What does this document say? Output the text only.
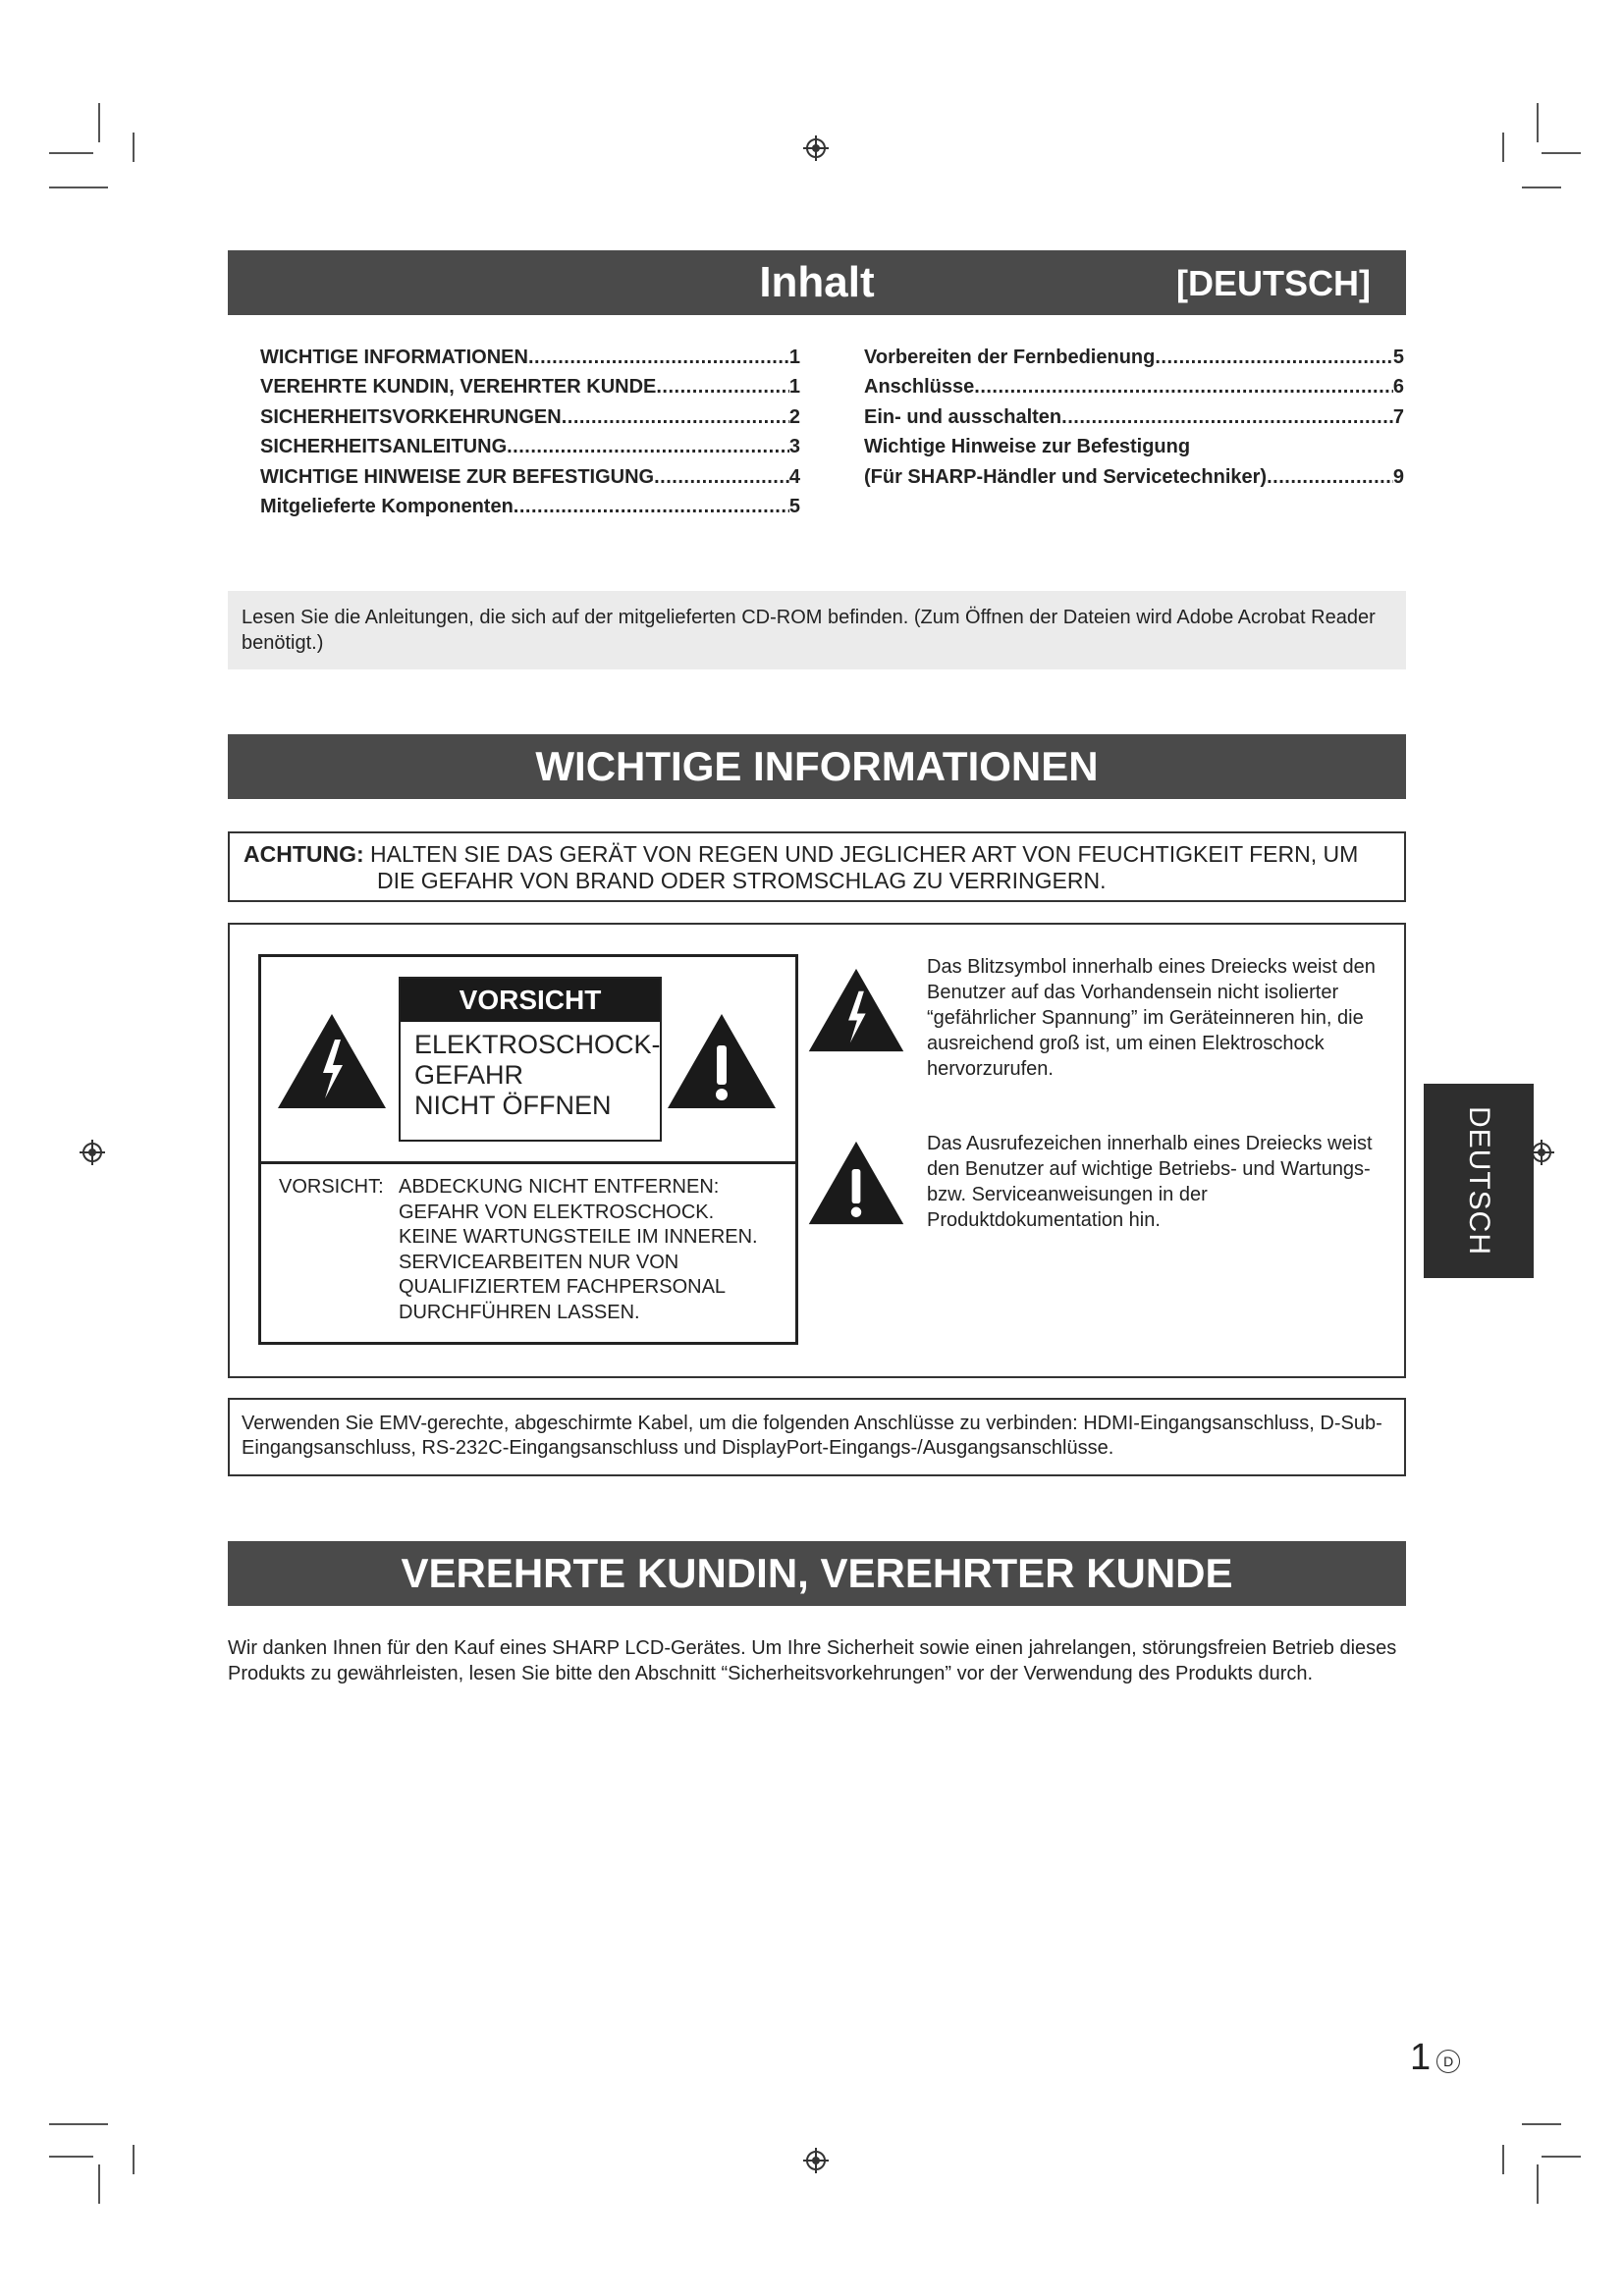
Inhalt	[DEUTSCH]
WICHTIGE INFORMATIONEN .....	1
VEREHRTE KUNDIN, VEREHRTER KUNDE .....	1
SICHERHEITSVORKEHRUNGEN .....	2
SICHERHEITSANLEITUNG .....	3
WICHTIGE HINWEISE ZUR BEFESTIGUNG .....	4
Mitgelieferte Komponenten .....	5
Vorbereiten der Fernbedienung .....	5
Anschlüsse .....	6
Ein- und ausschalten .....	7
Wichtige Hinweise zur Befestigung
(Für SHARP-Händler und Servicetechniker) .....	9

Lesen Sie die Anleitungen, die sich auf der mitgelieferten CD-ROM befinden. (Zum Öffnen der Dateien wird Adobe Acrobat Reader benötigt.)

WICHTIGE INFORMATIONEN
ACHTUNG: HALTEN SIE DAS GERÄT VON REGEN UND JEGLICHER ART VON FEUCHTIGKEIT FERN, UM
DIE GEFAHR VON BRAND ODER STROMSCHLAG ZU VERRINGERN.
VORSICHT
ELEKTROSCHOCK-
GEFAHR
NICHT ÖFFNEN
VORSICHT: ABDECKUNG NICHT ENTFERNEN:
GEFAHR VON ELEKTROSCHOCK.
KEINE WARTUNGSTEILE IM INNEREN.
SERVICEARBEITEN NUR VON
QUALIFIZIERTEM FACHPERSONAL
DURCHFÜHREN LASSEN.
Das Blitzsymbol innerhalb eines Dreiecks weist den Benutzer auf das Vorhandensein nicht isolierter “gefährlicher Spannung” im Geräteinneren hin, die ausreichend groß ist, um einen Elektroschock hervorzurufen.
Das Ausrufezeichen innerhalb eines Dreiecks weist den Benutzer auf wichtige Betriebs- und Wartungs- bzw. Serviceanweisungen in der Produktdokumentation hin.

Verwenden Sie EMV-gerechte, abgeschirmte Kabel, um die folgenden Anschlüsse zu verbinden: HDMI-Eingangsanschluss, D-Sub-Eingangsanschluss, RS-232C-Eingangsanschluss und DisplayPort-Eingangs-/Ausgangsanschlüsse.

VEREHRTE KUNDIN, VEREHRTER KUNDE
Wir danken Ihnen für den Kauf eines SHARP LCD-Gerätes. Um Ihre Sicherheit sowie einen jahrelangen, störungsfreien Betrieb dieses Produkts zu gewährleisten, lesen Sie bitte den Abschnitt “Sicherheitsvorkehrungen” vor der Verwendung des Produkts durch.
DEUTSCH
1 D
